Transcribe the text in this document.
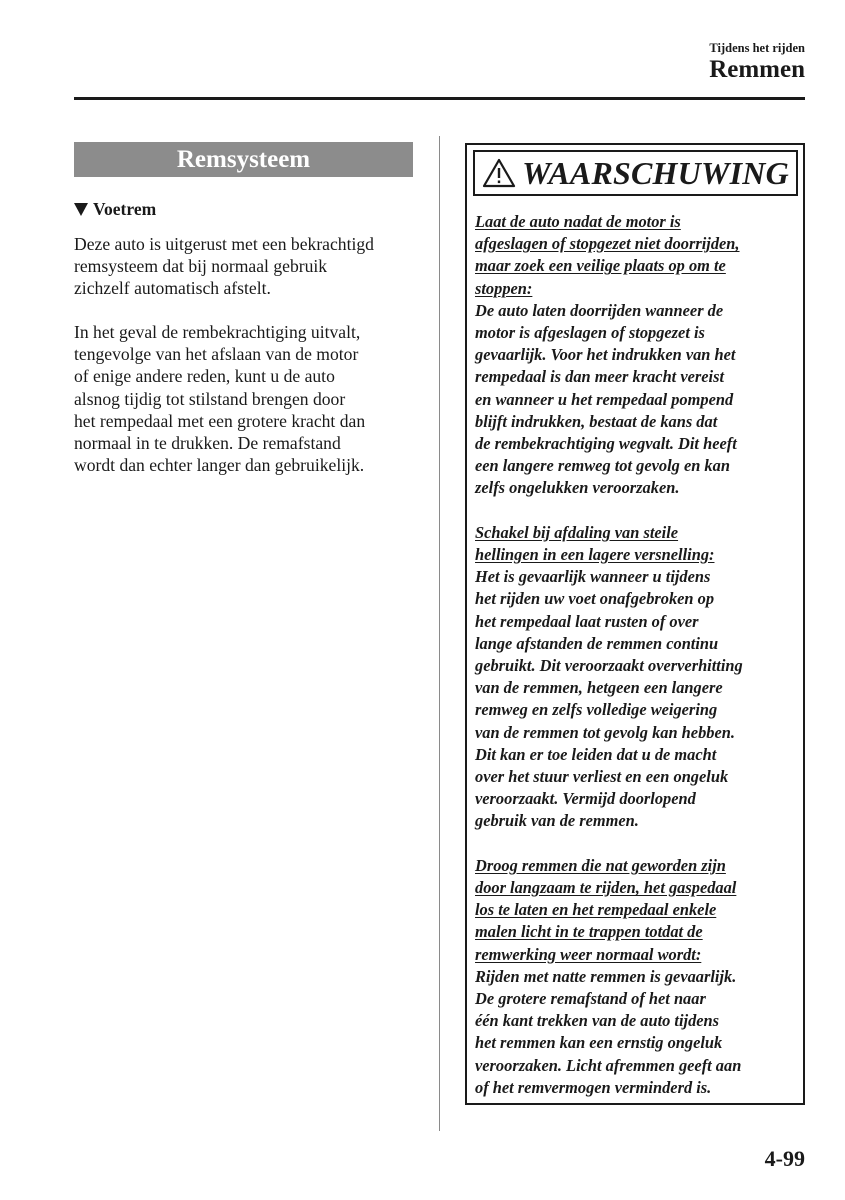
Tijdens het rijden
Remmen
Remsysteem
Voetrem
Deze auto is uitgerust met een bekrachtigd
remsysteem dat bij normaal gebruik
zichzelf automatisch afstelt.
In het geval de rembekrachtiging uitvalt,
tengevolge van het afslaan van de motor
of enige andere reden, kunt u de auto
alsnog tijdig tot stilstand brengen door
het rempedaal met een grotere kracht dan
normaal in te drukken. De remafstand
wordt dan echter langer dan gebruikelijk.
WAARSCHUWING
Laat de auto nadat de motor is
afgeslagen of stopgezet niet doorrijden,
maar zoek een veilige plaats op om te
stoppen:
De auto laten doorrijden wanneer de
motor is afgeslagen of stopgezet is
gevaarlijk. Voor het indrukken van het
rempedaal is dan meer kracht vereist
en wanneer u het rempedaal pompend
blijft indrukken, bestaat de kans dat
de rembekrachtiging wegvalt. Dit heeft
een langere remweg tot gevolg en kan
zelfs ongelukken veroorzaken.
Schakel bij afdaling van steile
hellingen in een lagere versnelling:
Het is gevaarlijk wanneer u tijdens
het rijden uw voet onafgebroken op
het rempedaal laat rusten of over
lange afstanden de remmen continu
gebruikt. Dit veroorzaakt oververhitting
van de remmen, hetgeen een langere
remweg en zelfs volledige weigering
van de remmen tot gevolg kan hebben.
Dit kan er toe leiden dat u de macht
over het stuur verliest en een ongeluk
veroorzaakt. Vermijd doorlopend
gebruik van de remmen.
Droog remmen die nat geworden zijn
door langzaam te rijden, het gaspedaal
los te laten en het rempedaal enkele
malen licht in te trappen totdat de
remwerking weer normaal wordt:
Rijden met natte remmen is gevaarlijk.
De grotere remafstand of het naar
één kant trekken van de auto tijdens
het remmen kan een ernstig ongeluk
veroorzaken. Licht afremmen geeft aan
of het remvermogen verminderd is.
4-99
